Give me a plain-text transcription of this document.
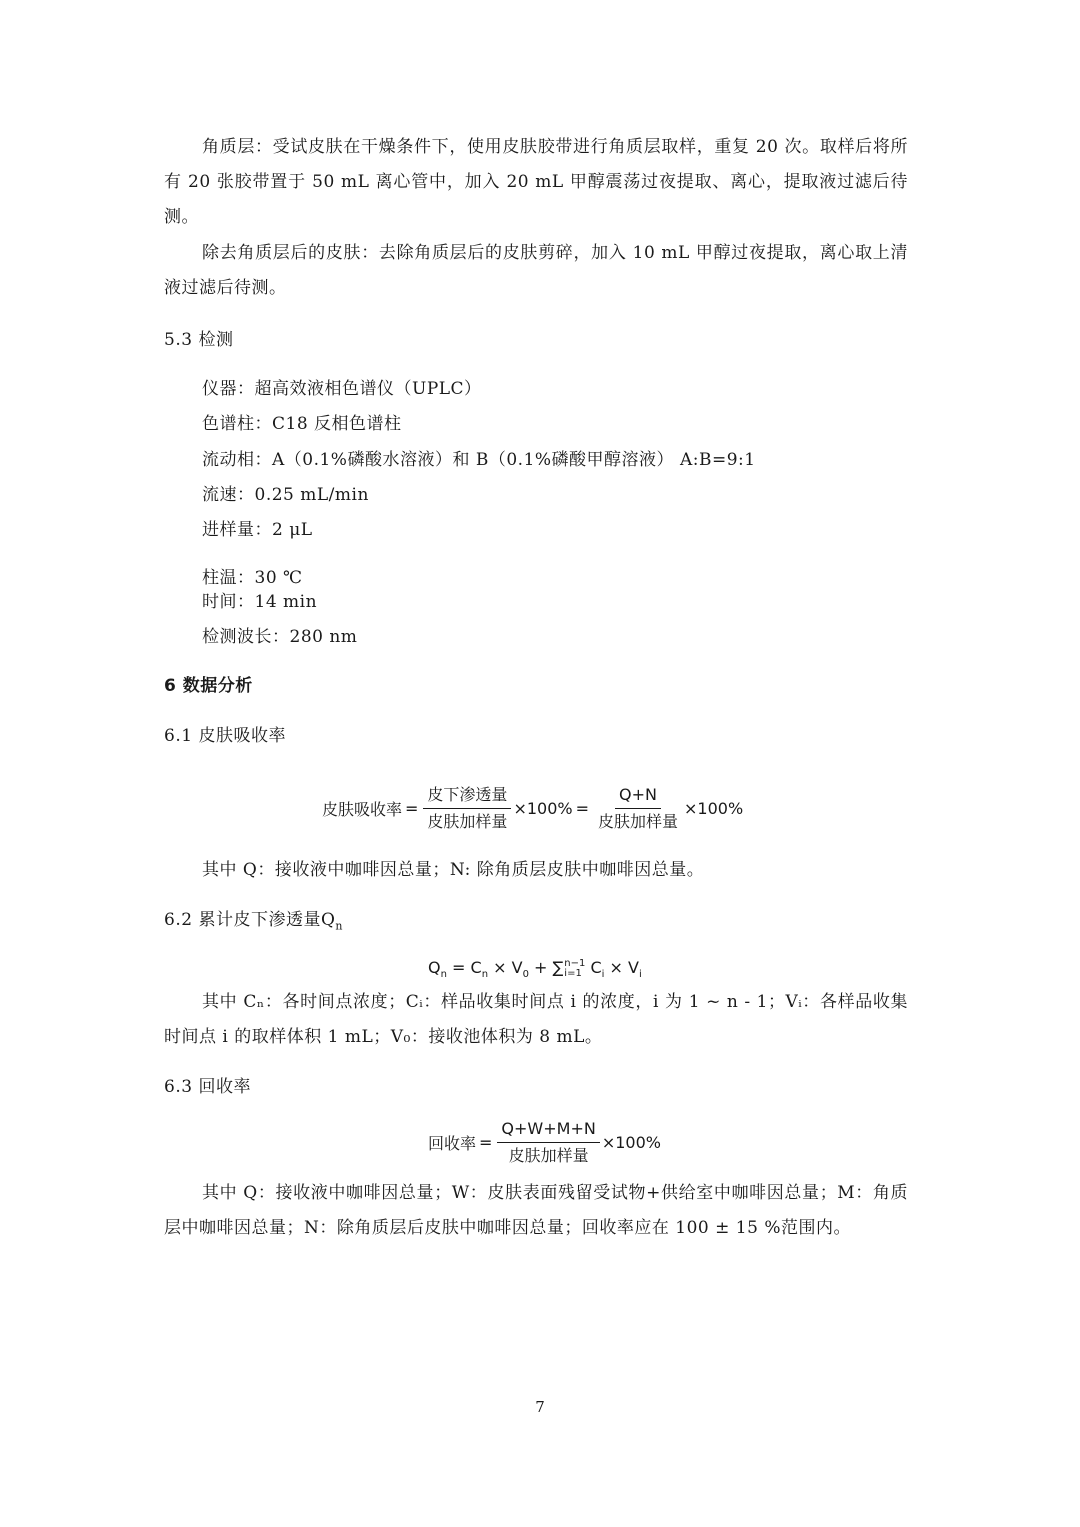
角质层：受试皮肤在干燥条件下，使用皮肤胶带进行角质层取样，重复 20 次。取样后将所有 20 张胶带置于 50 mL 离心管中，加入 20 mL 甲醇震荡过夜提取、离心，提取液过滤后待测。
除去角质层后的皮肤：去除角质层后的皮肤剪碎，加入 10 mL 甲醇过夜提取，离心取上清液过滤后待测。
5.3 检测
仪器：超高效液相色谱仪（UPLC）
色谱柱：C18 反相色谱柱
流动相：A（0.1%磷酸水溶液）和 B（0.1%磷酸甲醇溶液） A:B=9:1
流速：0.25 mL/min
进样量：2 μL
柱温：30 ℃
时间：14 min
检测波长：280 nm
6 数据分析
6.1 皮肤吸收率
皮肤吸收率 = $\frac{\text{皮下渗透量}}{\text{皮肤加样量}} \times 100\% = \frac{Q+N}{\text{皮肤加样量}} \times 100\%$
其中 Q：接收液中咖啡因总量；N: 除角质层皮肤中咖啡因总量。
6.2 累计皮下渗透量$Q_n$
$Q_n = C_n \times V_0$ + ∑ n−1
i=1 $C_i \times V_i$
其中 Cₙ：各时间点浓度；Cᵢ：样品收集时间点 i 的浓度，i 为 1 ~ n - 1；Vᵢ：各样品收集时间点 i 的取样体积 1 mL；V₀：接收池体积为 8 mL。
6.3 回收率
回收率 = $\frac{Q+W+M+N}{\text{皮肤加样量}} \times 100\%$
其中 Q：接收液中咖啡因总量；W：皮肤表面残留受试物+供给室中咖啡因总量；M：角质层中咖啡因总量；N：除角质层后皮肤中咖啡因总量；回收率应在 100 ± 15 %范围内。
7
